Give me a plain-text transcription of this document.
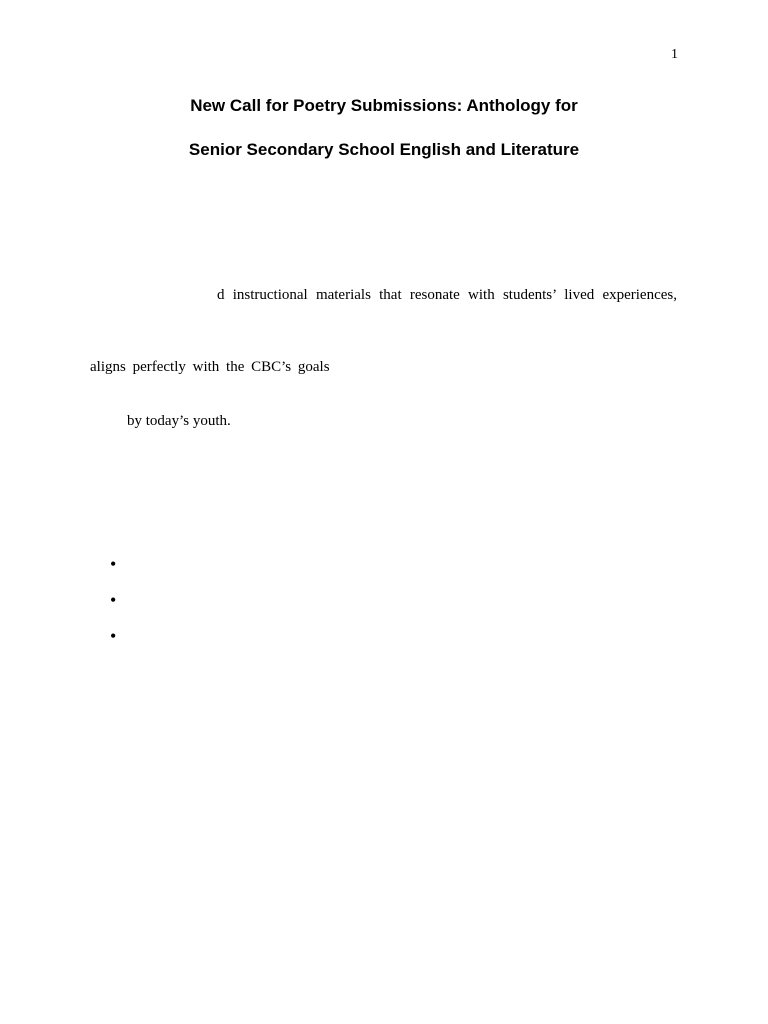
1
New Call for Poetry Submissions: Anthology for
Senior Secondary School English and Literature
d instructional materials that resonate with students’ lived experiences,
aligns perfectly with the CBC’s goals
by today’s youth.
•
•
•
